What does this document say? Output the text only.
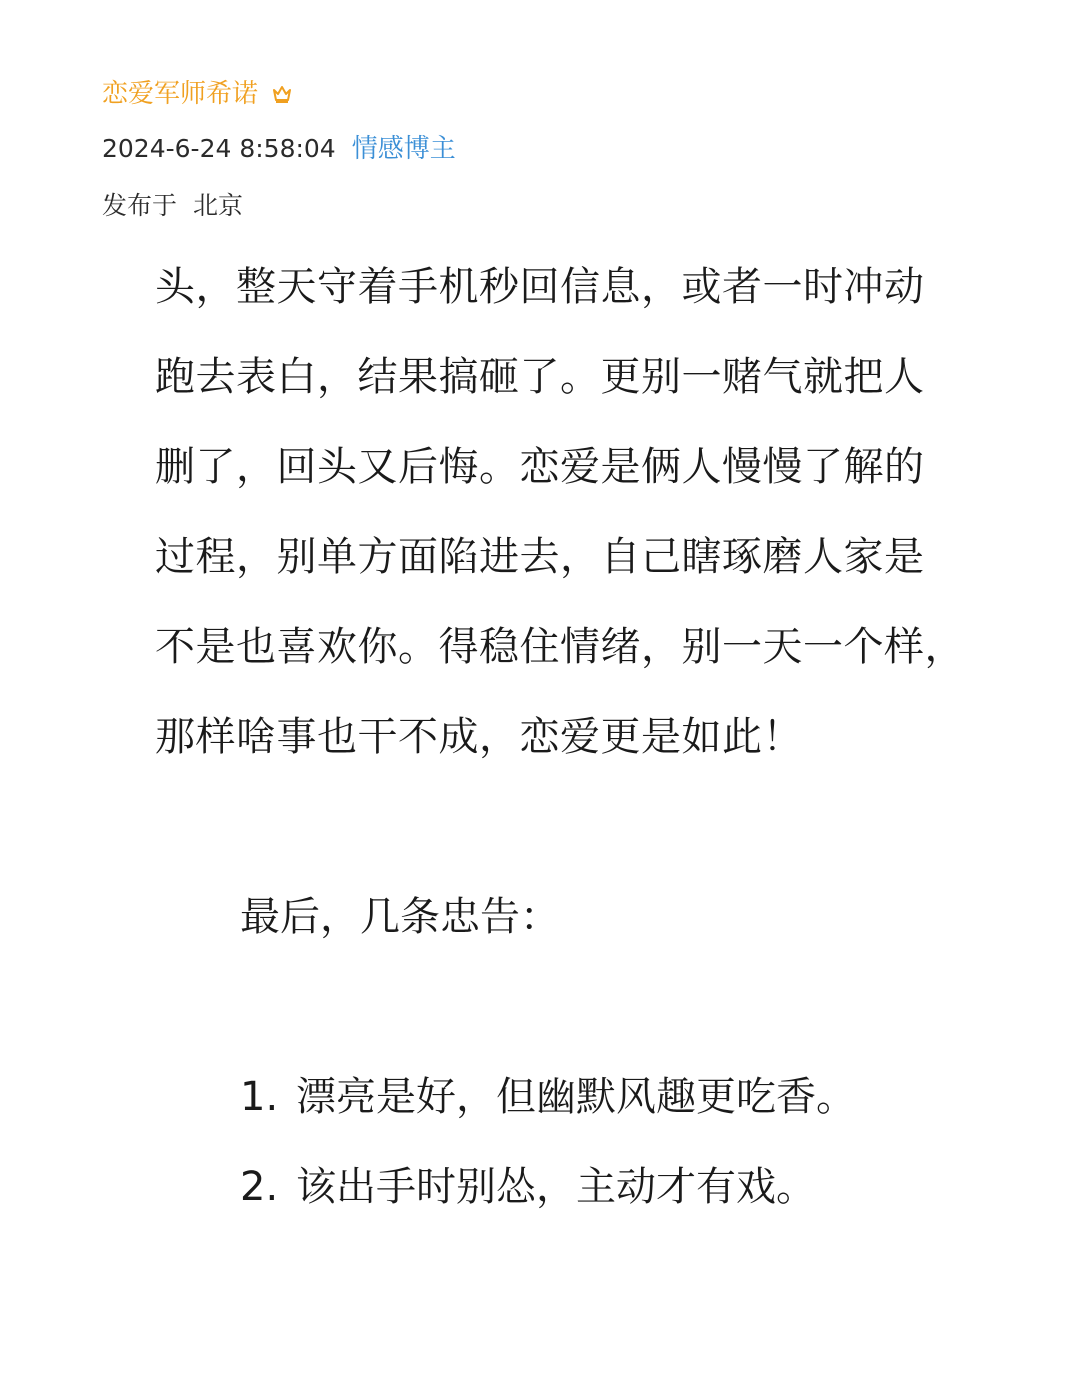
恋爱军师希诺
2024-6-24 8:58:04 情感博主
发布于 北京
头，整天守着手机秒回信息，或者一时冲动
跑去表白，结果搞砸了。更别一赌气就把人
删了，回头又后悔。恋爱是俩人慢慢了解的
过程，别单方面陷进去，自己瞎琢磨人家是
不是也喜欢你。得稳住情绪，别一天一个样，
那样啥事也干不成，恋爱更是如此！
最后，几条忠告：
1. 漂亮是好，但幽默风趣更吃香。
2. 该出手时别怂，主动才有戏。
